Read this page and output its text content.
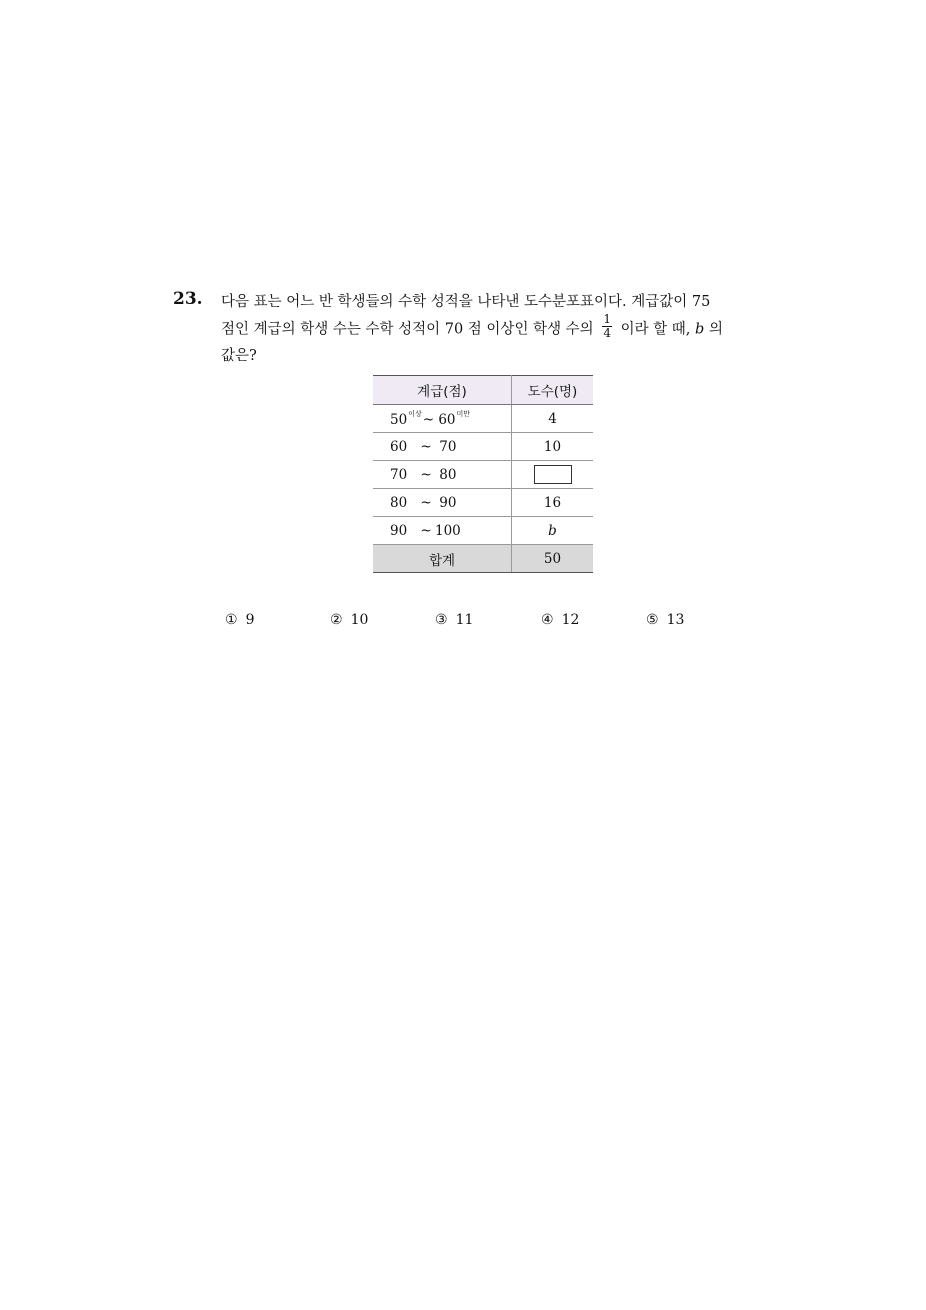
23. 다음 표는 어느 반 학생들의 수학 성적을 나타낸 도수분포표이다. 계급값이 75
점인 계급의 학생 수는 수학 성적이 70 점 이상인 학생 수의 $\frac{1}{4}$ 이라 할 때, b 의
값은?
계급(점)	도수(명)
$50^{이상}\sim$ $60^{미만}$	4
60 ~ 70	10
70 ~ 80	
80 ~ 90	16
90 ~ 100	b
합계	50
① 9	② 10	③ 11	④ 12	⑤ 13
